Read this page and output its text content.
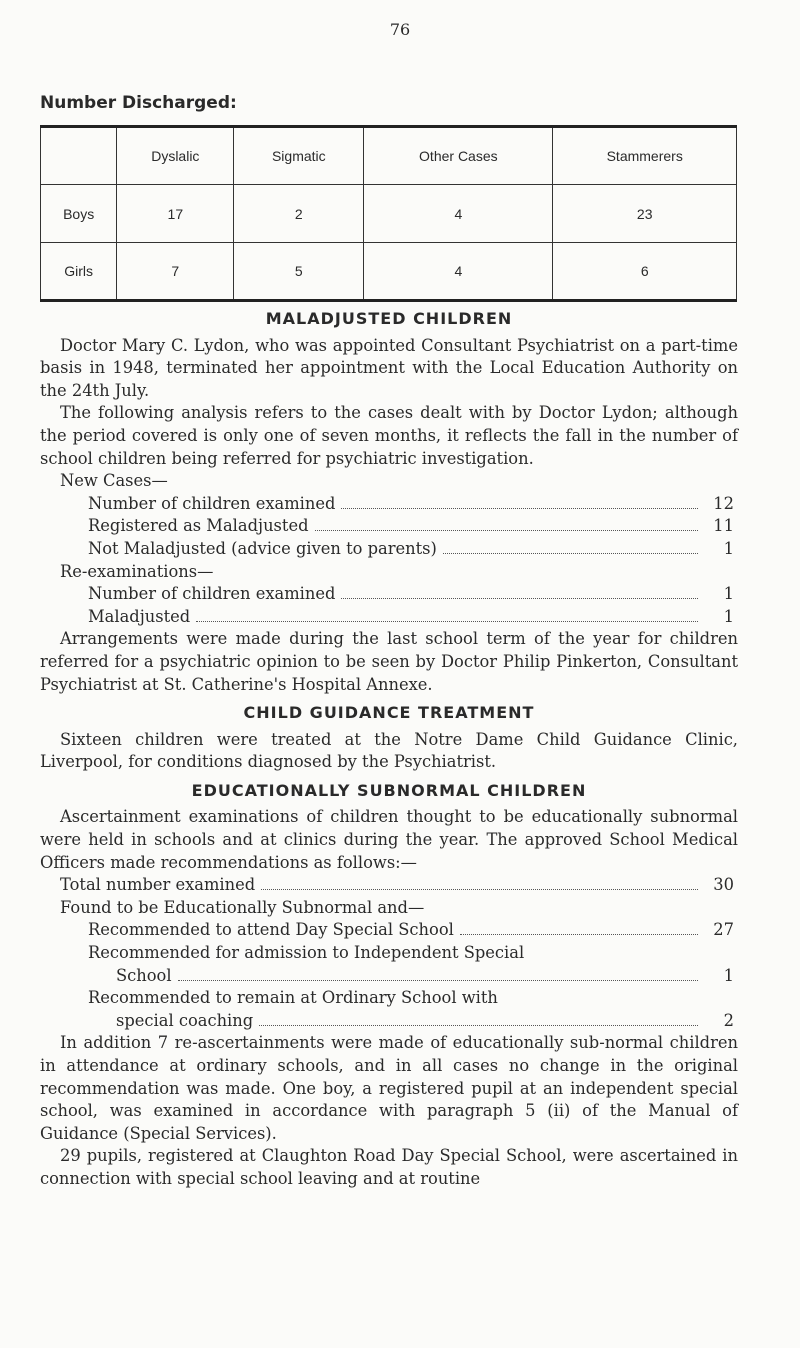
76
Number Discharged:
	Dyslalic	Sigmatic	Other Cases	Stammerers
Boys	17	2	4	23
Girls	7	5	4	6
MALADJUSTED CHILDREN

Doctor Mary C. Lydon, who was appointed Consultant Psychiatrist on a part-time basis in 1948, terminated her appointment with the Local Education Authority on the 24th July.

The following analysis refers to the cases dealt with by Doctor Lydon; although the period covered is only one of seven months, it reflects the fall in the number of school children being referred for psychiatric investigation.

New Cases—
Number of children examined	12
Registered as Maladjusted	11
Not Maladjusted (advice given to parents)	1
Re-examinations—
Number of children examined	1
Maladjusted	1

Arrangements were made during the last school term of the year for children referred for a psychiatric opinion to be seen by Doctor Philip Pinkerton, Consultant Psychiatrist at St. Catherine's Hospital Annexe.

CHILD GUIDANCE TREATMENT

Sixteen children were treated at the Notre Dame Child Guidance Clinic, Liverpool, for conditions diagnosed by the Psychiatrist.

EDUCATIONALLY SUBNORMAL CHILDREN

Ascertainment examinations of children thought to be educationally subnormal were held in schools and at clinics during the year. The approved School Medical Officers made recommendations as follows:—

Total number examined	30
Found to be Educationally Subnormal and—
Recommended to attend Day Special School	27
Recommended for admission to Independent Special
School	1
Recommended to remain at Ordinary School with
special coaching	2

In addition 7 re-ascertainments were made of educationally sub-normal children in attendance at ordinary schools, and in all cases no change in the original recommendation was made. One boy, a registered pupil at an independent special school, was examined in accordance with paragraph 5 (ii) of the Manual of Guidance (Special Services).

29 pupils, registered at Claughton Road Day Special School, were ascertained in connection with special school leaving and at routine
